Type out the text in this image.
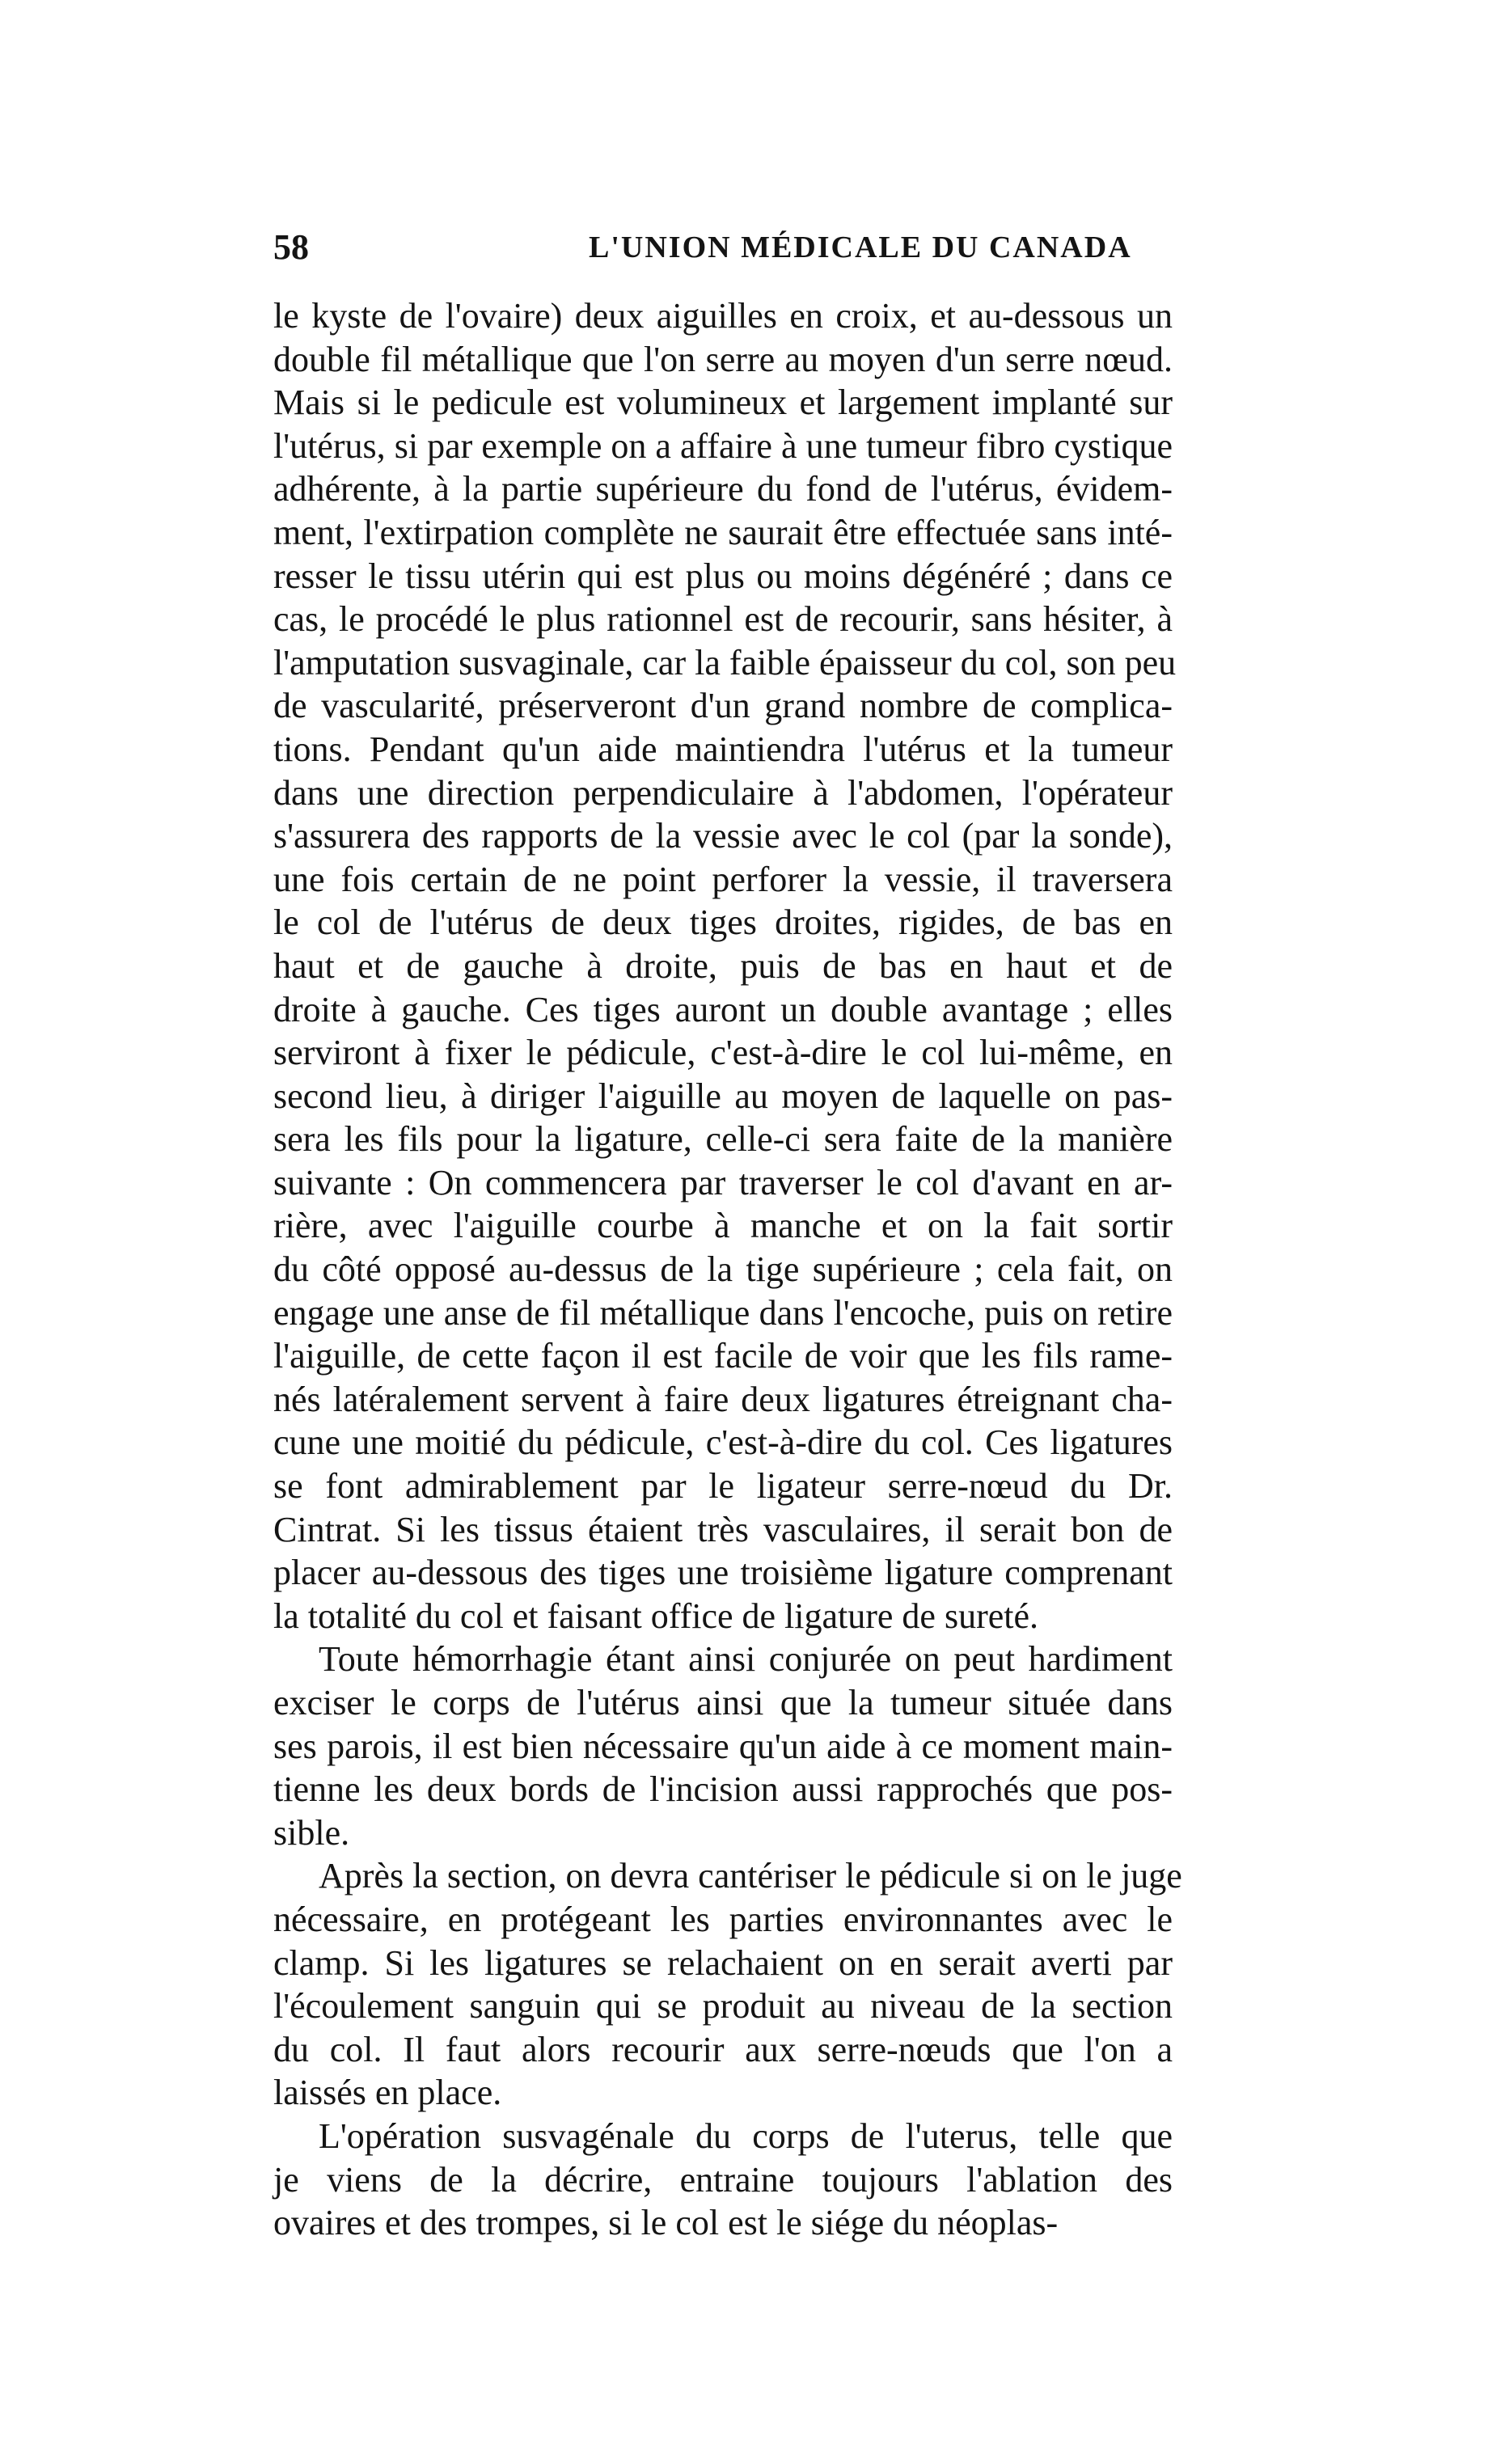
58	L'UNION MÉDICALE DU CANADA
le kyste de l'ovaire) deux aiguilles en croix, et au-dessous un
double fil métallique que l'on serre au moyen d'un serre nœud.
Mais si le pedicule est volumineux et largement implanté sur
l'utérus, si par exemple on a affaire à une tumeur fibro cystique
adhérente, à la partie supérieure du fond de l'utérus, évidem-
ment, l'extirpation complète ne saurait être effectuée sans inté-
resser le tissu utérin qui est plus ou moins dégénéré ; dans ce
cas, le procédé le plus rationnel est de recourir, sans hésiter, à
l'amputation susvaginale, car la faible épaisseur du col, son peu
de vascularité, préserveront d'un grand nombre de complica-
tions. Pendant qu'un aide maintiendra l'utérus et la tumeur
dans une direction perpendiculaire à l'abdomen, l'opérateur
s'assurera des rapports de la vessie avec le col (par la sonde),
une fois certain de ne point perforer la vessie, il traversera
le col de l'utérus de deux tiges droites, rigides, de bas en
haut et de gauche à droite, puis de bas en haut et de
droite à gauche. Ces tiges auront un double avantage ; elles
serviront à fixer le pédicule, c'est-à-dire le col lui-même, en
second lieu, à diriger l'aiguille au moyen de laquelle on pas-
sera les fils pour la ligature, celle-ci sera faite de la manière
suivante : On commencera par traverser le col d'avant en ar-
rière, avec l'aiguille courbe à manche et on la fait sortir
du côté opposé au-dessus de la tige supérieure ; cela fait, on
engage une anse de fil métallique dans l'encoche, puis on retire
l'aiguille, de cette façon il est facile de voir que les fils rame-
nés latéralement servent à faire deux ligatures étreignant cha-
cune une moitié du pédicule, c'est-à-dire du col. Ces ligatures
se font admirablement par le ligateur serre-nœud du Dr.
Cintrat. Si les tissus étaient très vasculaires, il serait bon de
placer au-dessous des tiges une troisième ligature comprenant
la totalité du col et faisant office de ligature de sureté.
Toute hémorrhagie étant ainsi conjurée on peut hardiment
exciser le corps de l'utérus ainsi que la tumeur située dans
ses parois, il est bien nécessaire qu'un aide à ce moment main-
tienne les deux bords de l'incision aussi rapprochés que pos-
sible.
Après la section, on devra cantériser le pédicule si on le juge
nécessaire, en protégeant les parties environnantes avec le
clamp. Si les ligatures se relachaient on en serait averti par
l'écoulement sanguin qui se produit au niveau de la section
du col. Il faut alors recourir aux serre-nœuds que l'on a
laissés en place.
L'opération susvagénale du corps de l'uterus, telle que
je viens de la décrire, entraine toujours l'ablation des
ovaires et des trompes, si le col est le siége du néoplas-
